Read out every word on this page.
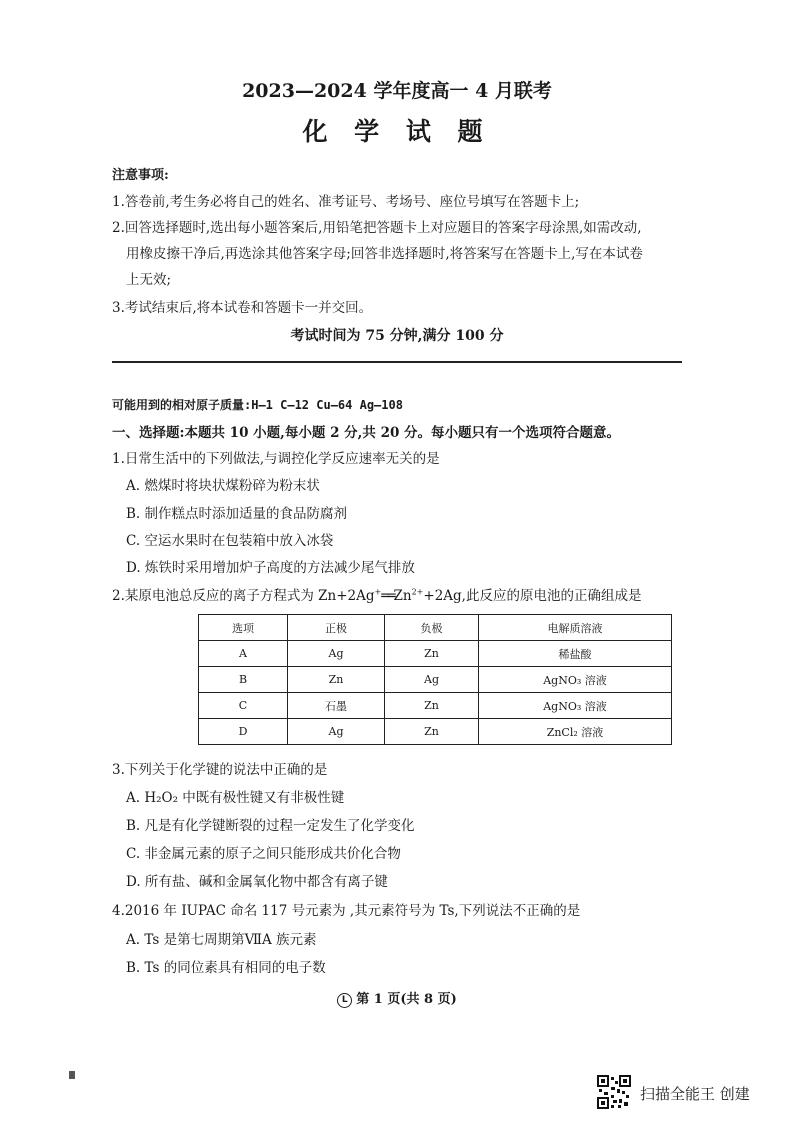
2023—2024 学年度高一 4 月联考
化 学 试 题
注意事项:
1.答卷前,考生务必将自己的姓名、准考证号、考场号、座位号填写在答题卡上;
2.回答选择题时,选出每小题答案后,用铅笔把答题卡上对应题目的答案字母涂黑,如需改动,
用橡皮擦干净后,再选涂其他答案字母;回答非选择题时,将答案写在答题卡上,写在本试卷
上无效;
3.考试结束后,将本试卷和答题卡一并交回。
考试时间为 75 分钟,满分 100 分
可能用到的相对原子质量:H—1 C—12 Cu—64 Ag—108
一、选择题:本题共 10 小题,每小题 2 分,共 20 分。每小题只有一个选项符合题意。
1.日常生活中的下列做法,与调控化学反应速率无关的是
A. 燃煤时将块状煤粉碎为粉末状
B. 制作糕点时添加适量的食品防腐剂
C. 空运水果时在包装箱中放入冰袋
D. 炼铁时采用增加炉子高度的方法减少尾气排放
2.某原电池总反应的离子方程式为 $Zn+2Ag^+══Zn^{2+}+2Ag$,此反应的原电池的正确组成是
选项	正极	负极	电解质溶液
A	Ag	Zn	稀盐酸
B	Zn	Ag	AgNO₃ 溶液
C	石墨	Zn	AgNO₃ 溶液
D	Ag	Zn	ZnCl₂ 溶液
3.下列关于化学键的说法中正确的是
A. H₂O₂ 中既有极性键又有非极性键
B. 凡是有化学键断裂的过程一定发生了化学变化
C. 非金属元素的原子之间只能形成共价化合物
D. 所有盐、碱和金属氧化物中都含有离子键
4.2016 年 IUPAC 命名 117 号元素为 ,其元素符号为 Ts,下列说法不正确的是
A. Ts 是第七周期第ⅦA 族元素
B. Ts 的同位素具有相同的电子数
L 第 1 页(共 8 页)
扫描全能王 创建
